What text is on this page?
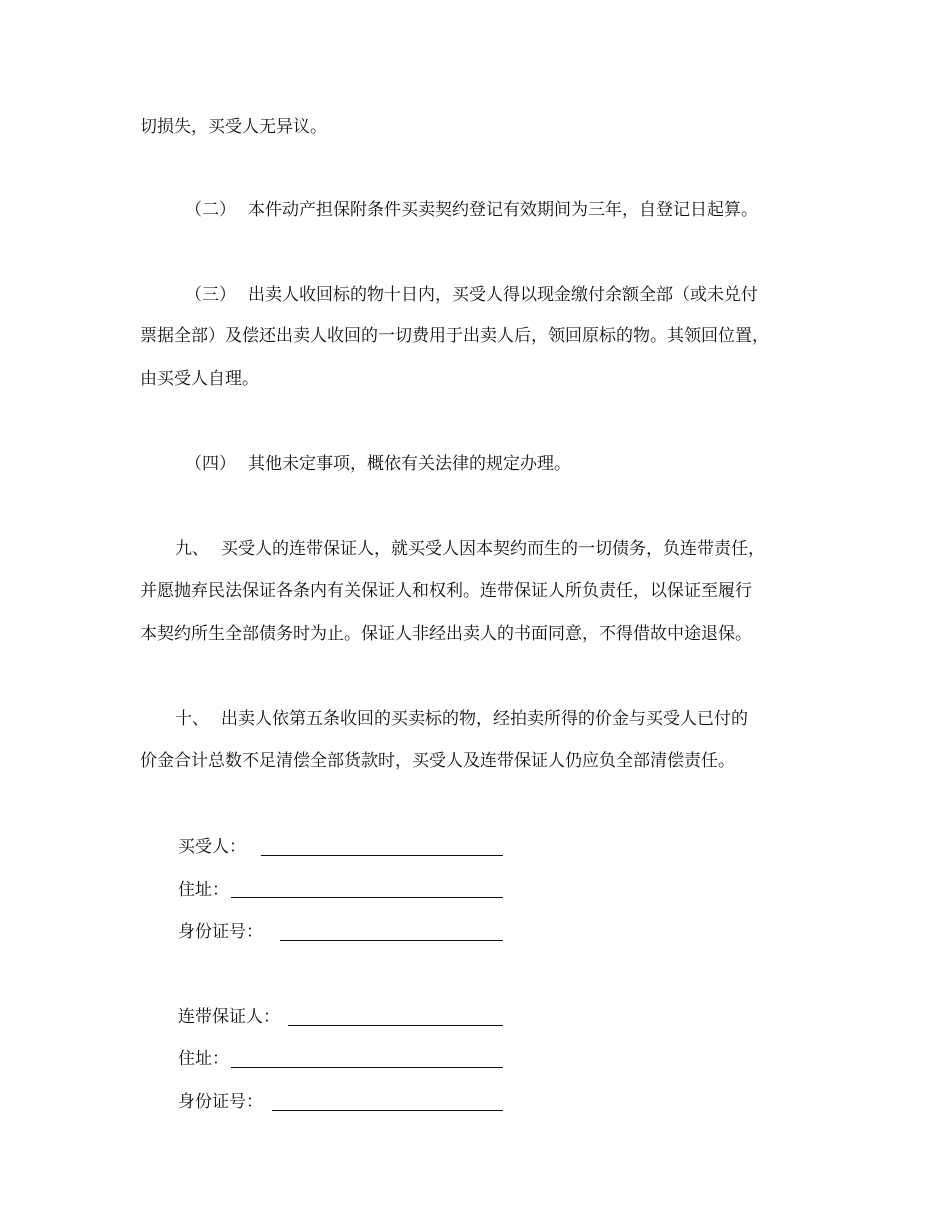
切损失，买受人无异议。
（二） 本件动产担保附条件买卖契约登记有效期间为三年，自登记日起算。
（三） 出卖人收回标的物十日内，买受人得以现金缴付余额全部（或未兑付
票据全部）及偿还出卖人收回的一切费用于出卖人后，领回原标的物。其领回位置，
由买受人自理。
（四） 其他未定事项，概依有关法律的规定办理。
九、 买受人的连带保证人，就买受人因本契约而生的一切债务，负连带责任，
并愿抛弃民法保证各条内有关保证人和权利。连带保证人所负责任，以保证至履行
本契约所生全部债务时为止。保证人非经出卖人的书面同意，不得借故中途退保。
十、 出卖人依第五条收回的买卖标的物，经拍卖所得的价金与买受人已付的
价金合计总数不足清偿全部货款时，买受人及连带保证人仍应负全部清偿责任。
买受人：
住址：
身份证号：
连带保证人：
住址：
身份证号：
